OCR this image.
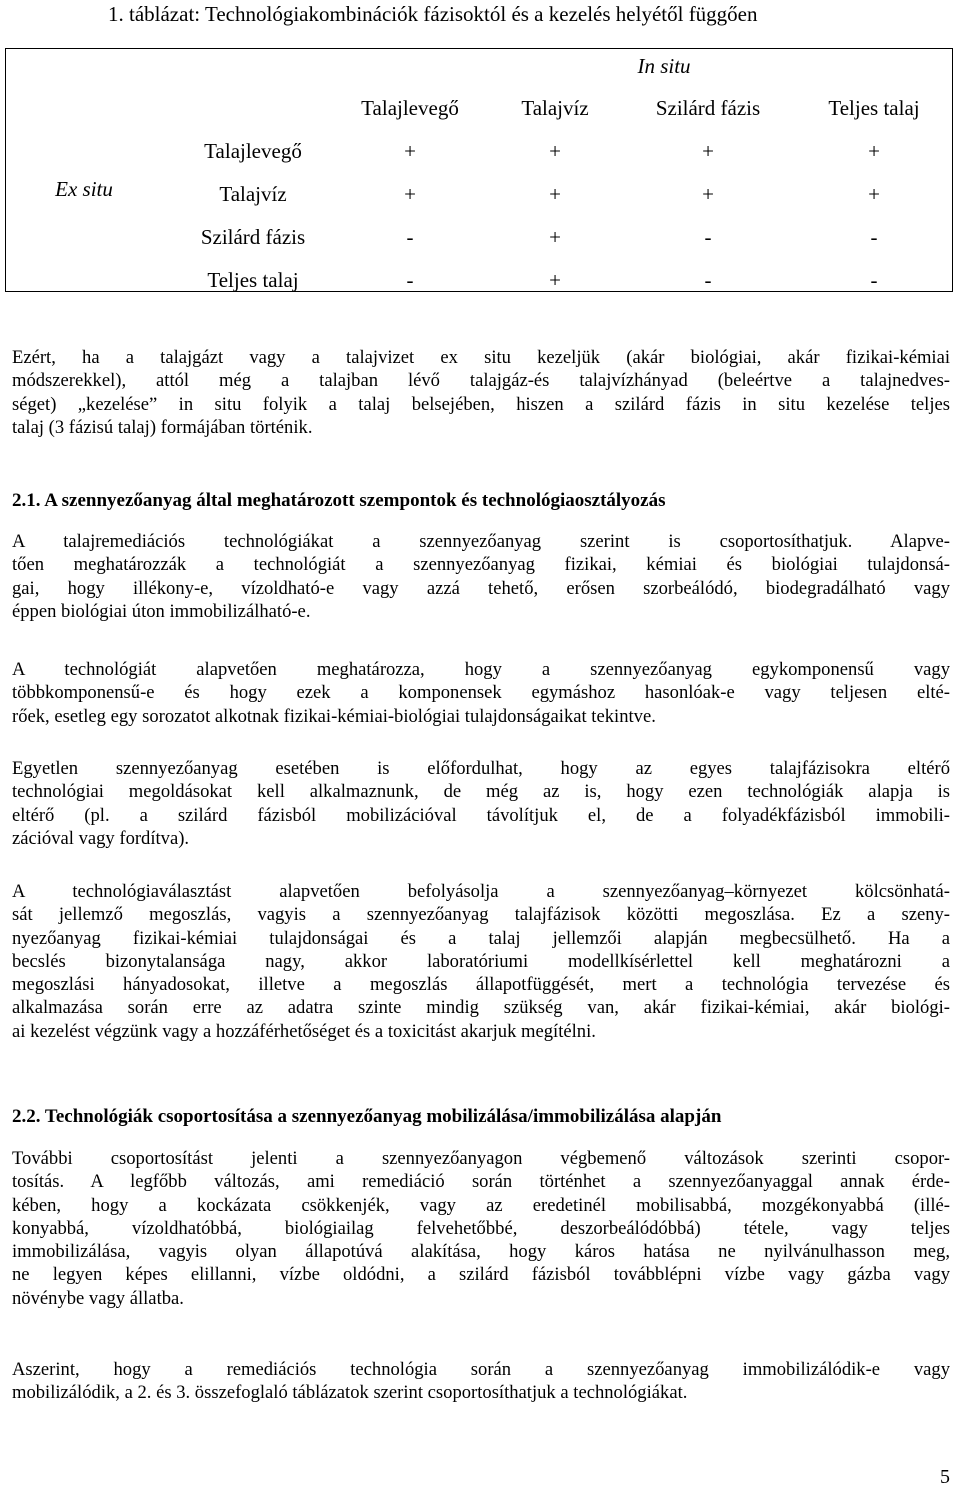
1. táblázat: Technológiakombinációk fázisoktól és a kezelés helyétől függően
In situ
Ex situ
Talajlevegő	Talajvíz	Szilárd fázis	Teljes talaj
Talajlevegő	+	+	+	+
Talajvíz	+	+	+	+
Szilárd fázis	-	+	-	-
Teljes talaj	-	+	-	-
Ezért, ha a talajgázt vagy a talajvizet ex situ kezeljük (akár biológiai, akár fizikai-kémiai
módszerekkel), attól még a talajban lévő talajgáz-és talajvízhányad (beleértve a talajnedves-
séget) „kezelése” in situ folyik a talaj belsejében, hiszen a szilárd fázis in situ kezelése teljes
talaj (3 fázisú talaj) formájában történik.
2.1. A szennyezőanyag által meghatározott szempontok és technológiaosztályozás
A talajremediációs technológiákat a szennyezőanyag szerint is csoportosíthatjuk. Alapve-
tően meghatározzák a technológiát a szennyezőanyag fizikai, kémiai és biológiai tulajdonsá-
gai, hogy illékony-e, vízoldható-e vagy azzá tehető, erősen szorbeálódó, biodegradálható vagy
éppen biológiai úton immobilizálható-e.
A technológiát alapvetően meghatározza, hogy a szennyezőanyag egykomponensű vagy
többkomponensű-e és hogy ezek a komponensek egymáshoz hasonlóak-e vagy teljesen elté-
rőek, esetleg egy sorozatot alkotnak fizikai-kémiai-biológiai tulajdonságaikat tekintve.
Egyetlen szennyezőanyag esetében is előfordulhat, hogy az egyes talajfázisokra eltérő
technológiai megoldásokat kell alkalmaznunk, de még az is, hogy ezen technológiák alapja is
eltérő (pl. a szilárd fázisból mobilizációval távolítjuk el, de a folyadékfázisból immobili-
zációval vagy fordítva).
A technológiaválasztást alapvetően befolyásolja a szennyezőanyag–környezet kölcsönhatá-
sát jellemző megoszlás, vagyis a szennyezőanyag talajfázisok közötti megoszlása. Ez a szeny-
nyezőanyag fizikai-kémiai tulajdonságai és a talaj jellemzői alapján megbecsülhető. Ha a
becslés bizonytalansága nagy, akkor laboratóriumi modellkísérlettel kell meghatározni a
megoszlási hányadosokat, illetve a megoszlás állapotfüggését, mert a technológia tervezése és
alkalmazása során erre az adatra szinte mindig szükség van, akár fizikai-kémiai, akár biológi-
ai kezelést végzünk vagy a hozzáférhetőséget és a toxicitást akarjuk megítélni.
2.2. Technológiák csoportosítása a szennyezőanyag mobilizálása/immobilizálása alapján
További csoportosítást jelenti a szennyezőanyagon végbemenő változások szerinti csopor-
tosítás. A legfőbb változás, ami remediáció során történhet a szennyezőanyaggal annak érde-
kében, hogy a kockázata csökkenjék, vagy az eredetinél mobilisabbá, mozgékonyabbá (illé-
konyabbá, vízoldhatóbbá, biológiailag felvehetőbbé, deszorbeálódóbbá) tétele, vagy teljes
immobilizálása, vagyis olyan állapotúvá alakítása, hogy káros hatása ne nyilvánulhasson meg,
ne legyen képes elillanni, vízbe oldódni, a szilárd fázisból továbblépni vízbe vagy gázba vagy
növénybe vagy állatba.
Aszerint, hogy a remediációs technológia során a szennyezőanyag immobilizálódik-e vagy
mobilizálódik, a 2. és 3. összefoglaló táblázatok szerint csoportosíthatjuk a technológiákat.
5
